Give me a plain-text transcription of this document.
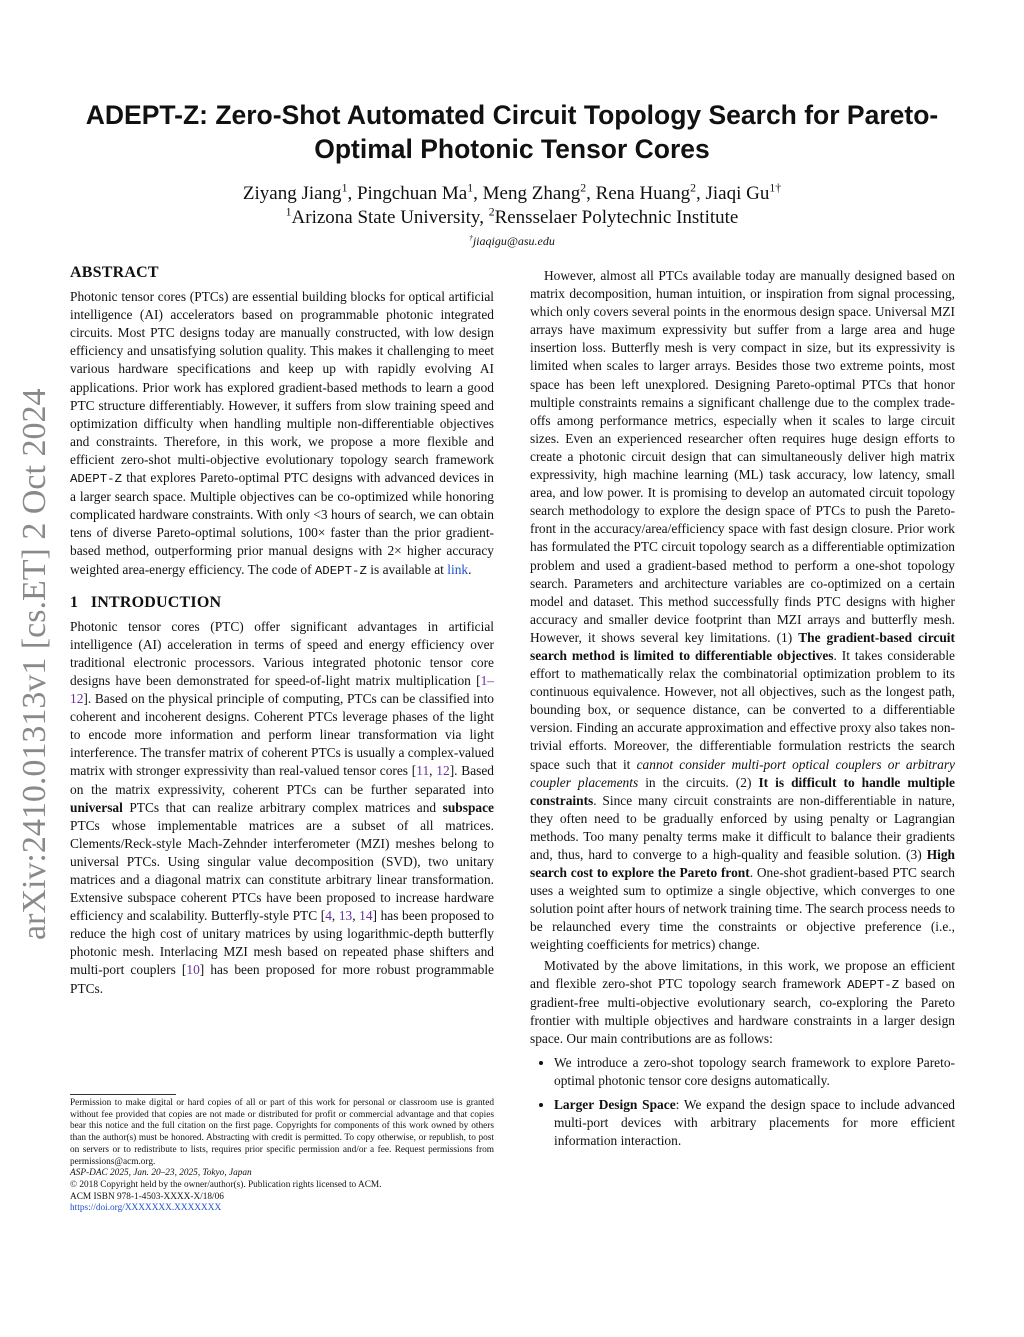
arXiv:2410.01313v1 [cs.ET] 2 Oct 2024
ADEPT-Z: Zero-Shot Automated Circuit Topology Search for Pareto-Optimal Photonic Tensor Cores
Ziyang Jiang$^1$, Pingchuan Ma$^1$, Meng Zhang$^2$, Rena Huang$^2$, Jiaqi $Gu^{1\dagger}$
$^1$Arizona State University, $^2$Rensselaer Polytechnic Institute
†jiaqigu@asu.edu
ABSTRACT

Photonic tensor cores (PTCs) are essential building blocks for optical artificial intelligence (AI) accelerators based on programmable photonic integrated circuits. Most PTC designs today are manually constructed, with low design efficiency and unsatisfying solution quality. This makes it challenging to meet various hardware specifications and keep up with rapidly evolving AI applications. Prior work has explored gradient-based methods to learn a good PTC structure differentiably. However, it suffers from slow training speed and optimization difficulty when handling multiple non-differentiable objectives and constraints. Therefore, in this work, we propose a more flexible and efficient zero-shot multi-objective evolutionary topology search framework ADEPT-Z that explores Pareto-optimal PTC designs with advanced devices in a larger search space. Multiple objectives can be co-optimized while honoring complicated hardware constraints. With only <3 hours of search, we can obtain tens of diverse Pareto-optimal solutions, 100× faster than the prior gradient-based method, outperforming prior manual designs with 2× higher accuracy weighted area-energy efficiency. The code of ADEPT-Z is available at link.

1 INTRODUCTION

Photonic tensor cores (PTC) offer significant advantages in artificial intelligence (AI) acceleration in terms of speed and energy efficiency over traditional electronic processors. Various integrated photonic tensor core designs have been demonstrated for speed-of-light matrix multiplication [1–12]. Based on the physical principle of computing, PTCs can be classified into coherent and incoherent designs. Coherent PTCs leverage phases of the light to encode more information and perform linear transformation via light interference. The transfer matrix of coherent PTCs is usually a complex-valued matrix with stronger expressivity than real-valued tensor cores [11, 12]. Based on the matrix expressivity, coherent PTCs can be further separated into universal PTCs that can realize arbitrary complex matrices and subspace PTCs whose implementable matrices are a subset of all matrices. Clements/Reck-style Mach-Zehnder interferometer (MZI) meshes belong to universal PTCs. Using singular value decomposition (SVD), two unitary matrices and a diagonal matrix can constitute arbitrary linear transformation. Extensive subspace coherent PTCs have been proposed to increase hardware efficiency and scalability. Butterfly-style PTC [4, 13, 14] has been proposed to reduce the high cost of unitary matrices by using logarithmic-depth butterfly photonic mesh. Interlacing MZI mesh based on repeated phase shifters and multi-port couplers [10] has been proposed for more robust programmable PTCs.

However, almost all PTCs available today are manually designed based on matrix decomposition, human intuition, or inspiration from signal processing, which only covers several points in the enormous design space. Universal MZI arrays have maximum expressivity but suffer from a large area and huge insertion loss. Butterfly mesh is very compact in size, but its expressivity is limited when scales to larger arrays. Besides those two extreme points, most space has been left unexplored. Designing Pareto-optimal PTCs that honor multiple constraints remains a significant challenge due to the complex trade-offs among performance metrics, especially when it scales to large circuit sizes. Even an experienced researcher often requires huge design efforts to create a photonic circuit design that can simultaneously deliver high matrix expressivity, high machine learning (ML) task accuracy, low latency, small area, and low power. It is promising to develop an automated circuit topology search methodology to explore the design space of PTCs to push the Pareto-front in the accuracy/area/efficiency space with fast design closure. Prior work has formulated the PTC circuit topology search as a differentiable optimization problem and used a gradient-based method to perform a one-shot topology search. Parameters and architecture variables are co-optimized on a certain model and dataset. This method successfully finds PTC designs with higher accuracy and smaller device footprint than MZI arrays and butterfly mesh. However, it shows several key limitations. (1) The gradient-based circuit search method is limited to differentiable objectives. It takes considerable effort to mathematically relax the combinatorial optimization problem to its continuous equivalence. However, not all objectives, such as the longest path, bounding box, or sequence distance, can be converted to a differentiable version. Finding an accurate approximation and effective proxy also takes non-trivial efforts. Moreover, the differentiable formulation restricts the search space such that it cannot consider multi-port optical couplers or arbitrary coupler placements in the circuits. (2) It is difficult to handle multiple constraints. Since many circuit constraints are non-differentiable in nature, they often need to be gradually enforced by using penalty or Lagrangian methods. Too many penalty terms make it difficult to balance their gradients and, thus, hard to converge to a high-quality and feasible solution. (3) High search cost to explore the Pareto front. One-shot gradient-based PTC search uses a weighted sum to optimize a single objective, which converges to one solution point after hours of network training time. The search process needs to be relaunched every time the constraints or objective preference (i.e., weighting coefficients for metrics) change.

Motivated by the above limitations, in this work, we propose an efficient and flexible zero-shot PTC topology search framework ADEPT-Z based on gradient-free multi-objective evolutionary search, co-exploring the Pareto frontier with multiple objectives and hardware constraints in a larger design space. Our main contributions are as follows:

• We introduce a zero-shot topology search framework to explore Pareto-optimal photonic tensor core designs automatically.
• Larger Design Space: We expand the design space to include advanced multi-port devices with arbitrary placements for more efficient information interaction.
Permission to make digital or hard copies of all or part of this work for personal or classroom use is granted without fee provided that copies are not made or distributed for profit or commercial advantage and that copies bear this notice and the full citation on the first page. Copyrights for components of this work owned by others than the author(s) must be honored. Abstracting with credit is permitted. To copy otherwise, or republish, to post on servers or to redistribute to lists, requires prior specific permission and/or a fee. Request permissions from permissions@acm.org.
ASP-DAC 2025, Jan. 20–23, 2025, Tokyo, Japan
© 2018 Copyright held by the owner/author(s). Publication rights licensed to ACM.
ACM ISBN 978-1-4503-XXXX-X/18/06
https://doi.org/XXXXXXX.XXXXXXX
